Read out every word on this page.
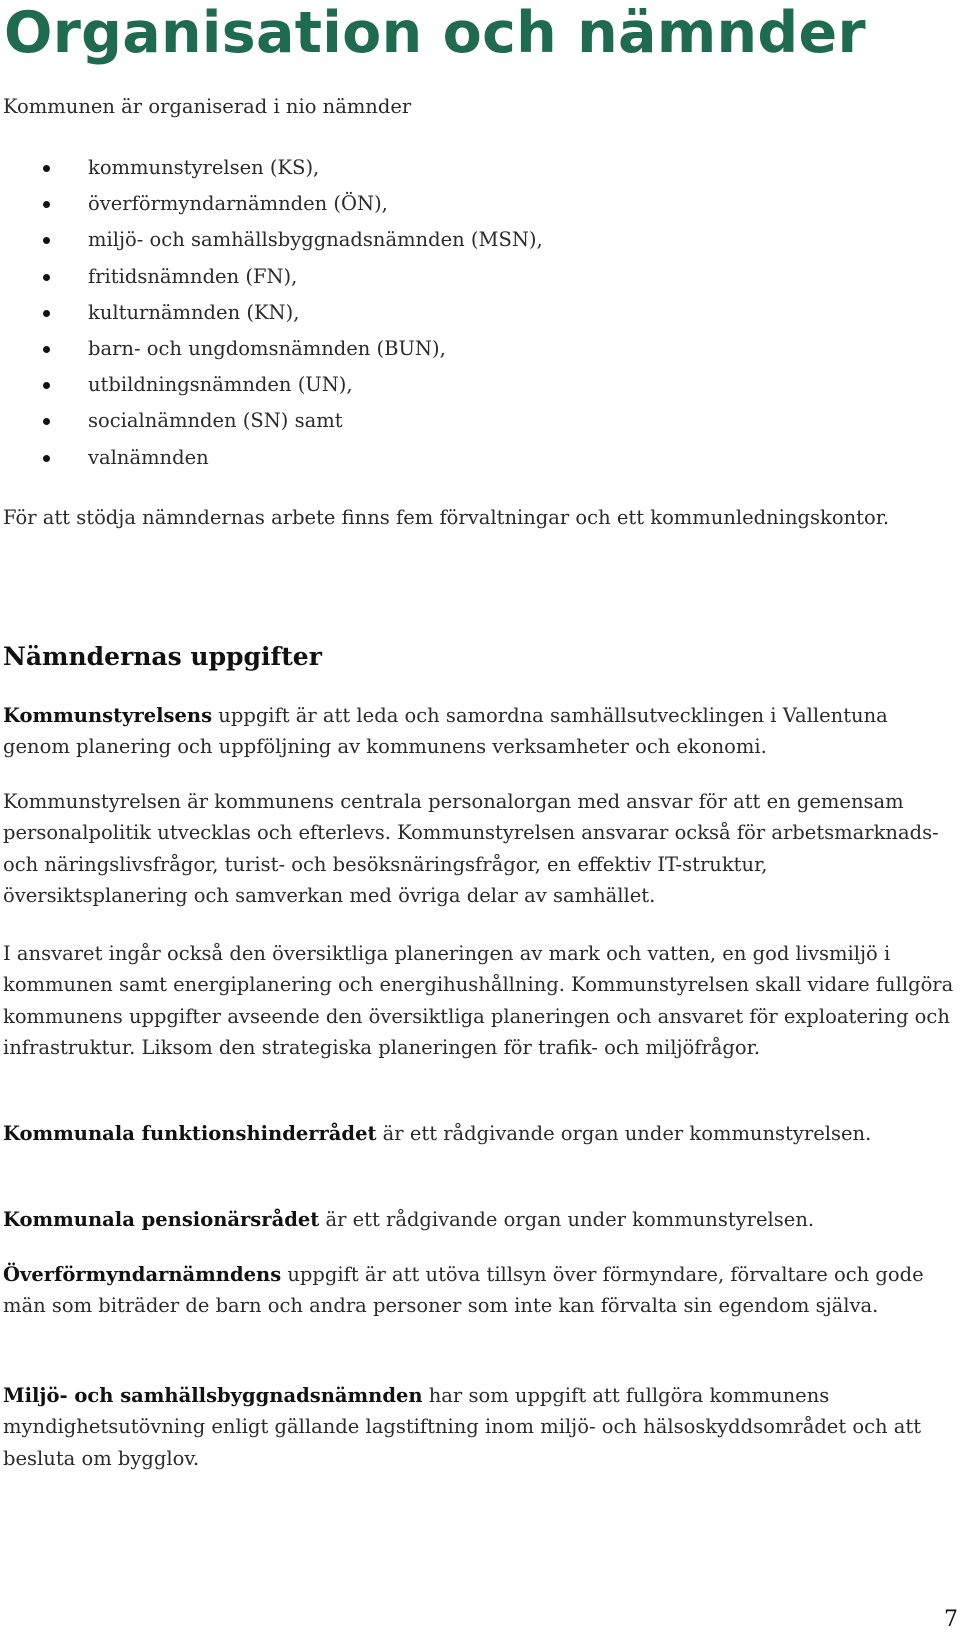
Organisation och nämnder

Kommunen är organiserad i nio nämnder

kommunstyrelsen (KS),
överförmyndarnämnden (ÖN),
miljö- och samhällsbyggnadsnämnden (MSN),
fritidsnämnden (FN),
kulturnämnden (KN),
barn- och ungdomsnämnden (BUN),
utbildningsnämnden (UN),
socialnämnden (SN) samt
valnämnden

För att stödja nämndernas arbete finns fem förvaltningar och ett kommunledningskontor.

Nämndernas uppgifter

Kommunstyrelsens uppgift är att leda och samordna samhällsutvecklingen i Vallentuna genom planering och uppföljning av kommunens verksamheter och ekonomi.

Kommunstyrelsen är kommunens centrala personalorgan med ansvar för att en gemensam personalpolitik utvecklas och efterlevs. Kommunstyrelsen ansvarar också för arbetsmarknads- och näringslivsfrågor, turist- och besöksnäringsfrågor, en effektiv IT-struktur, översiktsplanering och samverkan med övriga delar av samhället.

I ansvaret ingår också den översiktliga planeringen av mark och vatten, en god livsmiljö i kommunen samt energiplanering och energihushållning. Kommunstyrelsen skall vidare fullgöra kommunens uppgifter avseende den översiktliga planeringen och ansvaret för exploatering och infrastruktur. Liksom den strategiska planeringen för trafik- och miljöfrågor.

Kommunala funktionshinderrådet är ett rådgivande organ under kommunstyrelsen.

Kommunala pensionärsrådet är ett rådgivande organ under kommunstyrelsen.

Överförmyndarnämndens uppgift är att utöva tillsyn över förmyndare, förvaltare och gode män som biträder de barn och andra personer som inte kan förvalta sin egendom själva.

Miljö- och samhällsbyggnadsnämnden har som uppgift att fullgöra kommunens myndighetsutövning enligt gällande lagstiftning inom miljö- och hälsoskyddsområdet och att besluta om bygglov.

7
